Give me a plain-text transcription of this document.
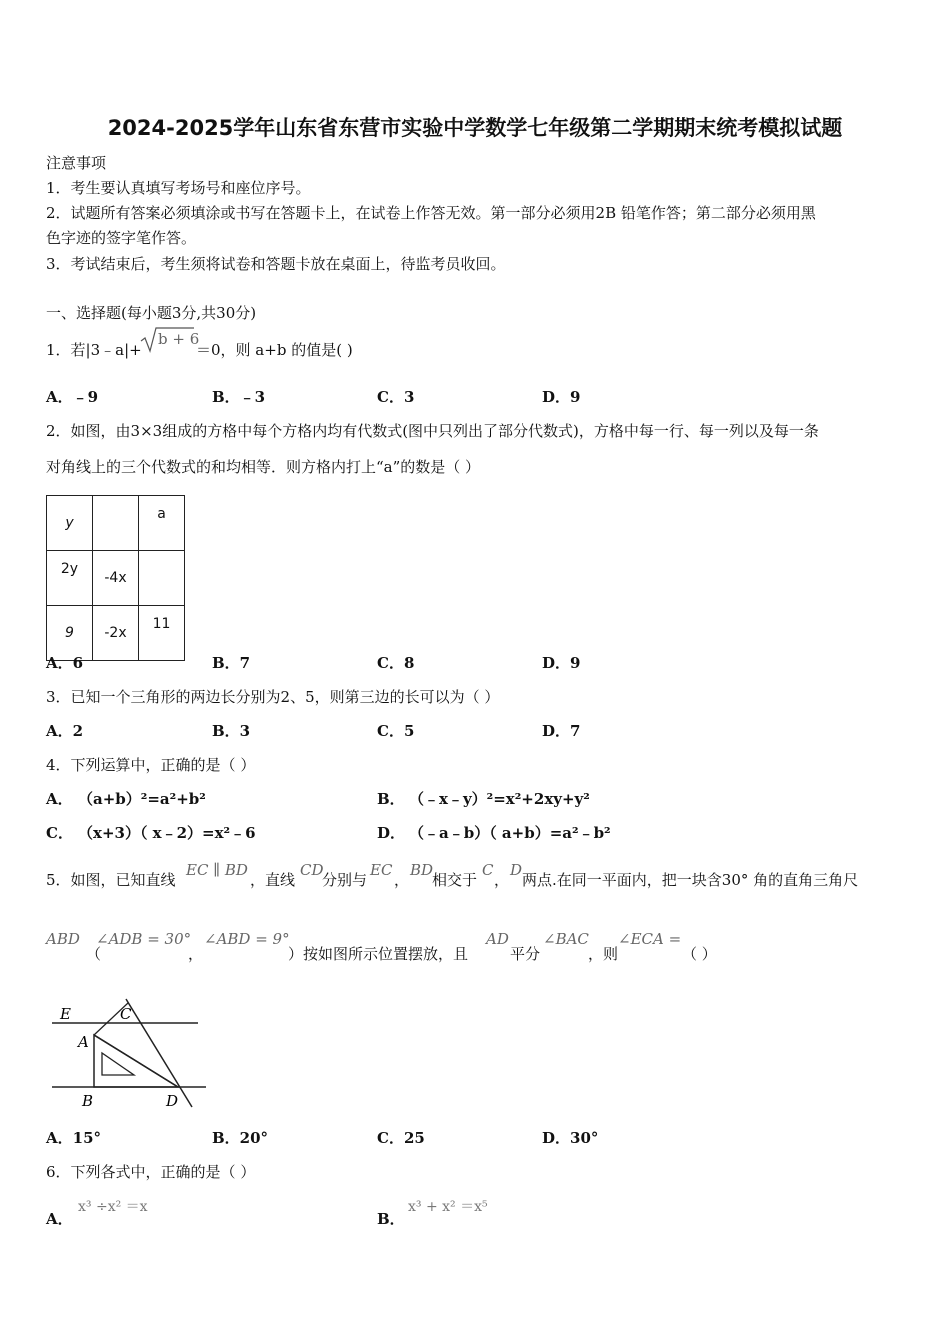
2024-2025学年山东省东营市实验中学数学七年级第二学期期末统考模拟试题
注意事项
1．考生要认真填写考场号和座位序号。
2．试题所有答案必须填涂或书写在答题卡上，在试卷上作答无效。第一部分必须用2B 铅笔作答；第二部分必须用黑
色字迹的签字笔作答。
3．考试结束后，考生须将试卷和答题卡放在桌面上，待监考员收回。
一、选择题(每小题3分,共30分)
1．若|3﹣a|+
b + 6
＝0，则 a+b 的值是( )
A．﹣9	B．﹣3	C．3	D．9
2．如图，由3×3组成的方格中每个方格内均有代数式(图中只列出了部分代数式)，方格中每一行、每一列以及每一条
对角线上的三个代数式的和均相等．则方格内打上“a”的数是（ ）
y		a
2y	-4x	
9	-2x	11
A．6	B．7	C．8	D．9
3．已知一个三角形的两边长分别为2、5，则第三边的长可以为（ ）
A．2	B．3	C．5	D．7
4．下列运算中，正确的是（ ）
A． （a+b）²=a²+b²	B． （﹣x﹣y）²=x²+2xy+y²
C． （x+3）（ x﹣2）=x²﹣6	D． （﹣a﹣b）（ a+b）=a²﹣b²
5．如图，已知直线
EC ∥ BD
，直线
CD
分别与
EC
，
BD
相交于
C
，
D
两点.在同一平面内，把一块含30° 角的直角三角尺
ABD
（
∠ADB = 30°
，
∠ABD = 9°
）按如图所示位置摆放，且
AD
平分
∠BAC
，则
∠ECA =
（ ）
E	C
A
B	D
A．15°	B．20°	C．25	D．30°
6．下列各式中，正确的是（ ）
A．
x³ ÷x² ＝x
B．
x³ + x² ＝x⁵
